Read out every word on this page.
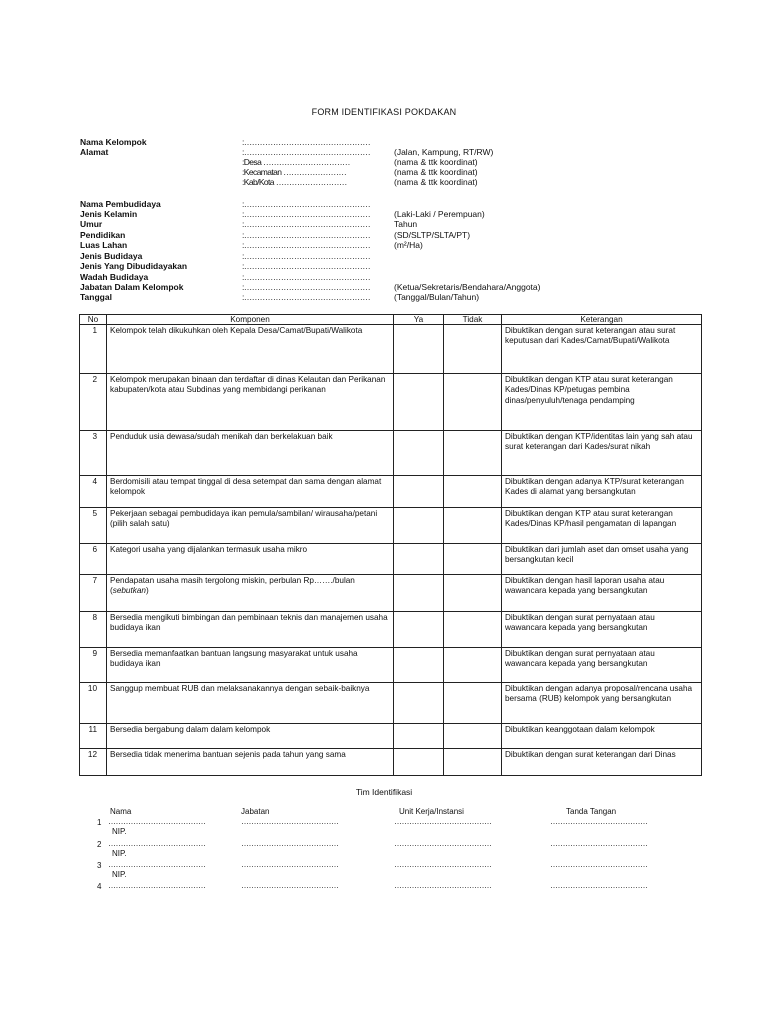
FORM IDENTIFIKASI POKDAKAN
Nama Kelompok	:…………………………………………
Alamat	:…………………………………………	(Jalan, Kampung, RT/RW)
:Desa ……………………………	(nama & ttk koordinat)
:Kecamatan ……………………	(nama & ttk koordinat)
:Kab/Kota ………………………	(nama & ttk koordinat)
Nama Pembudidaya	:…………………………………………
Jenis Kelamin	:…………………………………………	(Laki-Laki / Perempuan)
Umur	:…………………………………………	Tahun
Pendidikan	:…………………………………………	(SD/SLTP/SLTA/PT)
Luas Lahan	:…………………………………………	(m²/Ha)
Jenis Budidaya	:…………………………………………
Jenis Yang Dibudidayakan	:…………………………………………
Wadah Budidaya	:…………………………………………
Jabatan Dalam Kelompok	:…………………………………………	(Ketua/Sekretaris/Bendahara/Anggota)
Tanggal	:…………………………………………	(Tanggal/Bulan/Tahun)
No	Komponen	Ya	Tidak	Keterangan
1	Kelompok telah dikukuhkan oleh Kepala Desa/Camat/Bupati/Walikota			Dibuktikan dengan surat keterangan atau surat keputusan dari Kades/Camat/Bupati/Walikota
2	Kelompok merupakan binaan dan terdaftar di dinas Kelautan dan Perikanan kabupaten/kota atau Subdinas yang membidangi perikanan			Dibuktikan dengan KTP atau surat keterangan Kades/Dinas KP/petugas pembina dinas/penyuluh/tenaga pendamping
3	Penduduk usia dewasa/sudah menikah dan berkelakuan baik			Dibuktikan dengan KTP/identitas lain yang sah atau surat keterangan dari Kades/surat nikah
4	Berdomisili atau tempat tinggal di desa setempat dan sama dengan alamat kelompok			Dibuktikan dengan adanya KTP/surat keterangan Kades di alamat yang bersangkutan
5	Pekerjaan sebagai pembudidaya ikan pemula/sambilan/ wirausaha/petani (pilih salah satu)			Dibuktikan dengan KTP atau surat keterangan Kades/Dinas KP/hasil pengamatan di lapangan
6	Kategori usaha yang dijalankan termasuk usaha mikro			Dibuktikan dari jumlah aset dan omset usaha yang bersangkutan kecil
7	Pendapatan usaha masih tergolong miskin, perbulan Rp……./bulan (sebutkan)			Dibuktikan dengan hasil laporan usaha atau wawancara kepada yang bersangkutan
8	Bersedia mengikuti bimbingan dan pembinaan teknis dan manajemen usaha budidaya ikan			Dibuktikan dengan surat pernyataan atau wawancara kepada yang bersangkutan
9	Bersedia memanfaatkan bantuan langsung masyarakat untuk usaha budidaya ikan			Dibuktikan dengan surat pernyataan atau wawancara kepada yang bersangkutan
10	Sanggup membuat RUB dan melaksanakannya dengan sebaik-baiknya			Dibuktikan dengan adanya proposal/rencana usaha bersama (RUB) kelompok yang bersangkutan
11	Bersedia bergabung dalam dalam kelompok			Dibuktikan keanggotaan dalam kelompok
12	Bersedia tidak menerima bantuan sejenis pada tahun yang sama			Dibuktikan dengan surat keterangan dari Dinas
Tim Identifikasi
Nama	Jabatan	Unit Kerja/Instansi	Tanda Tangan
1 …………………………………	…………………………………	…………………………………	…………………………………
NIP.
2 …………………………………	…………………………………	…………………………………	…………………………………
NIP.
3 …………………………………	…………………………………	…………………………………	…………………………………
NIP.
4 …………………………………	…………………………………	…………………………………	…………………………………
